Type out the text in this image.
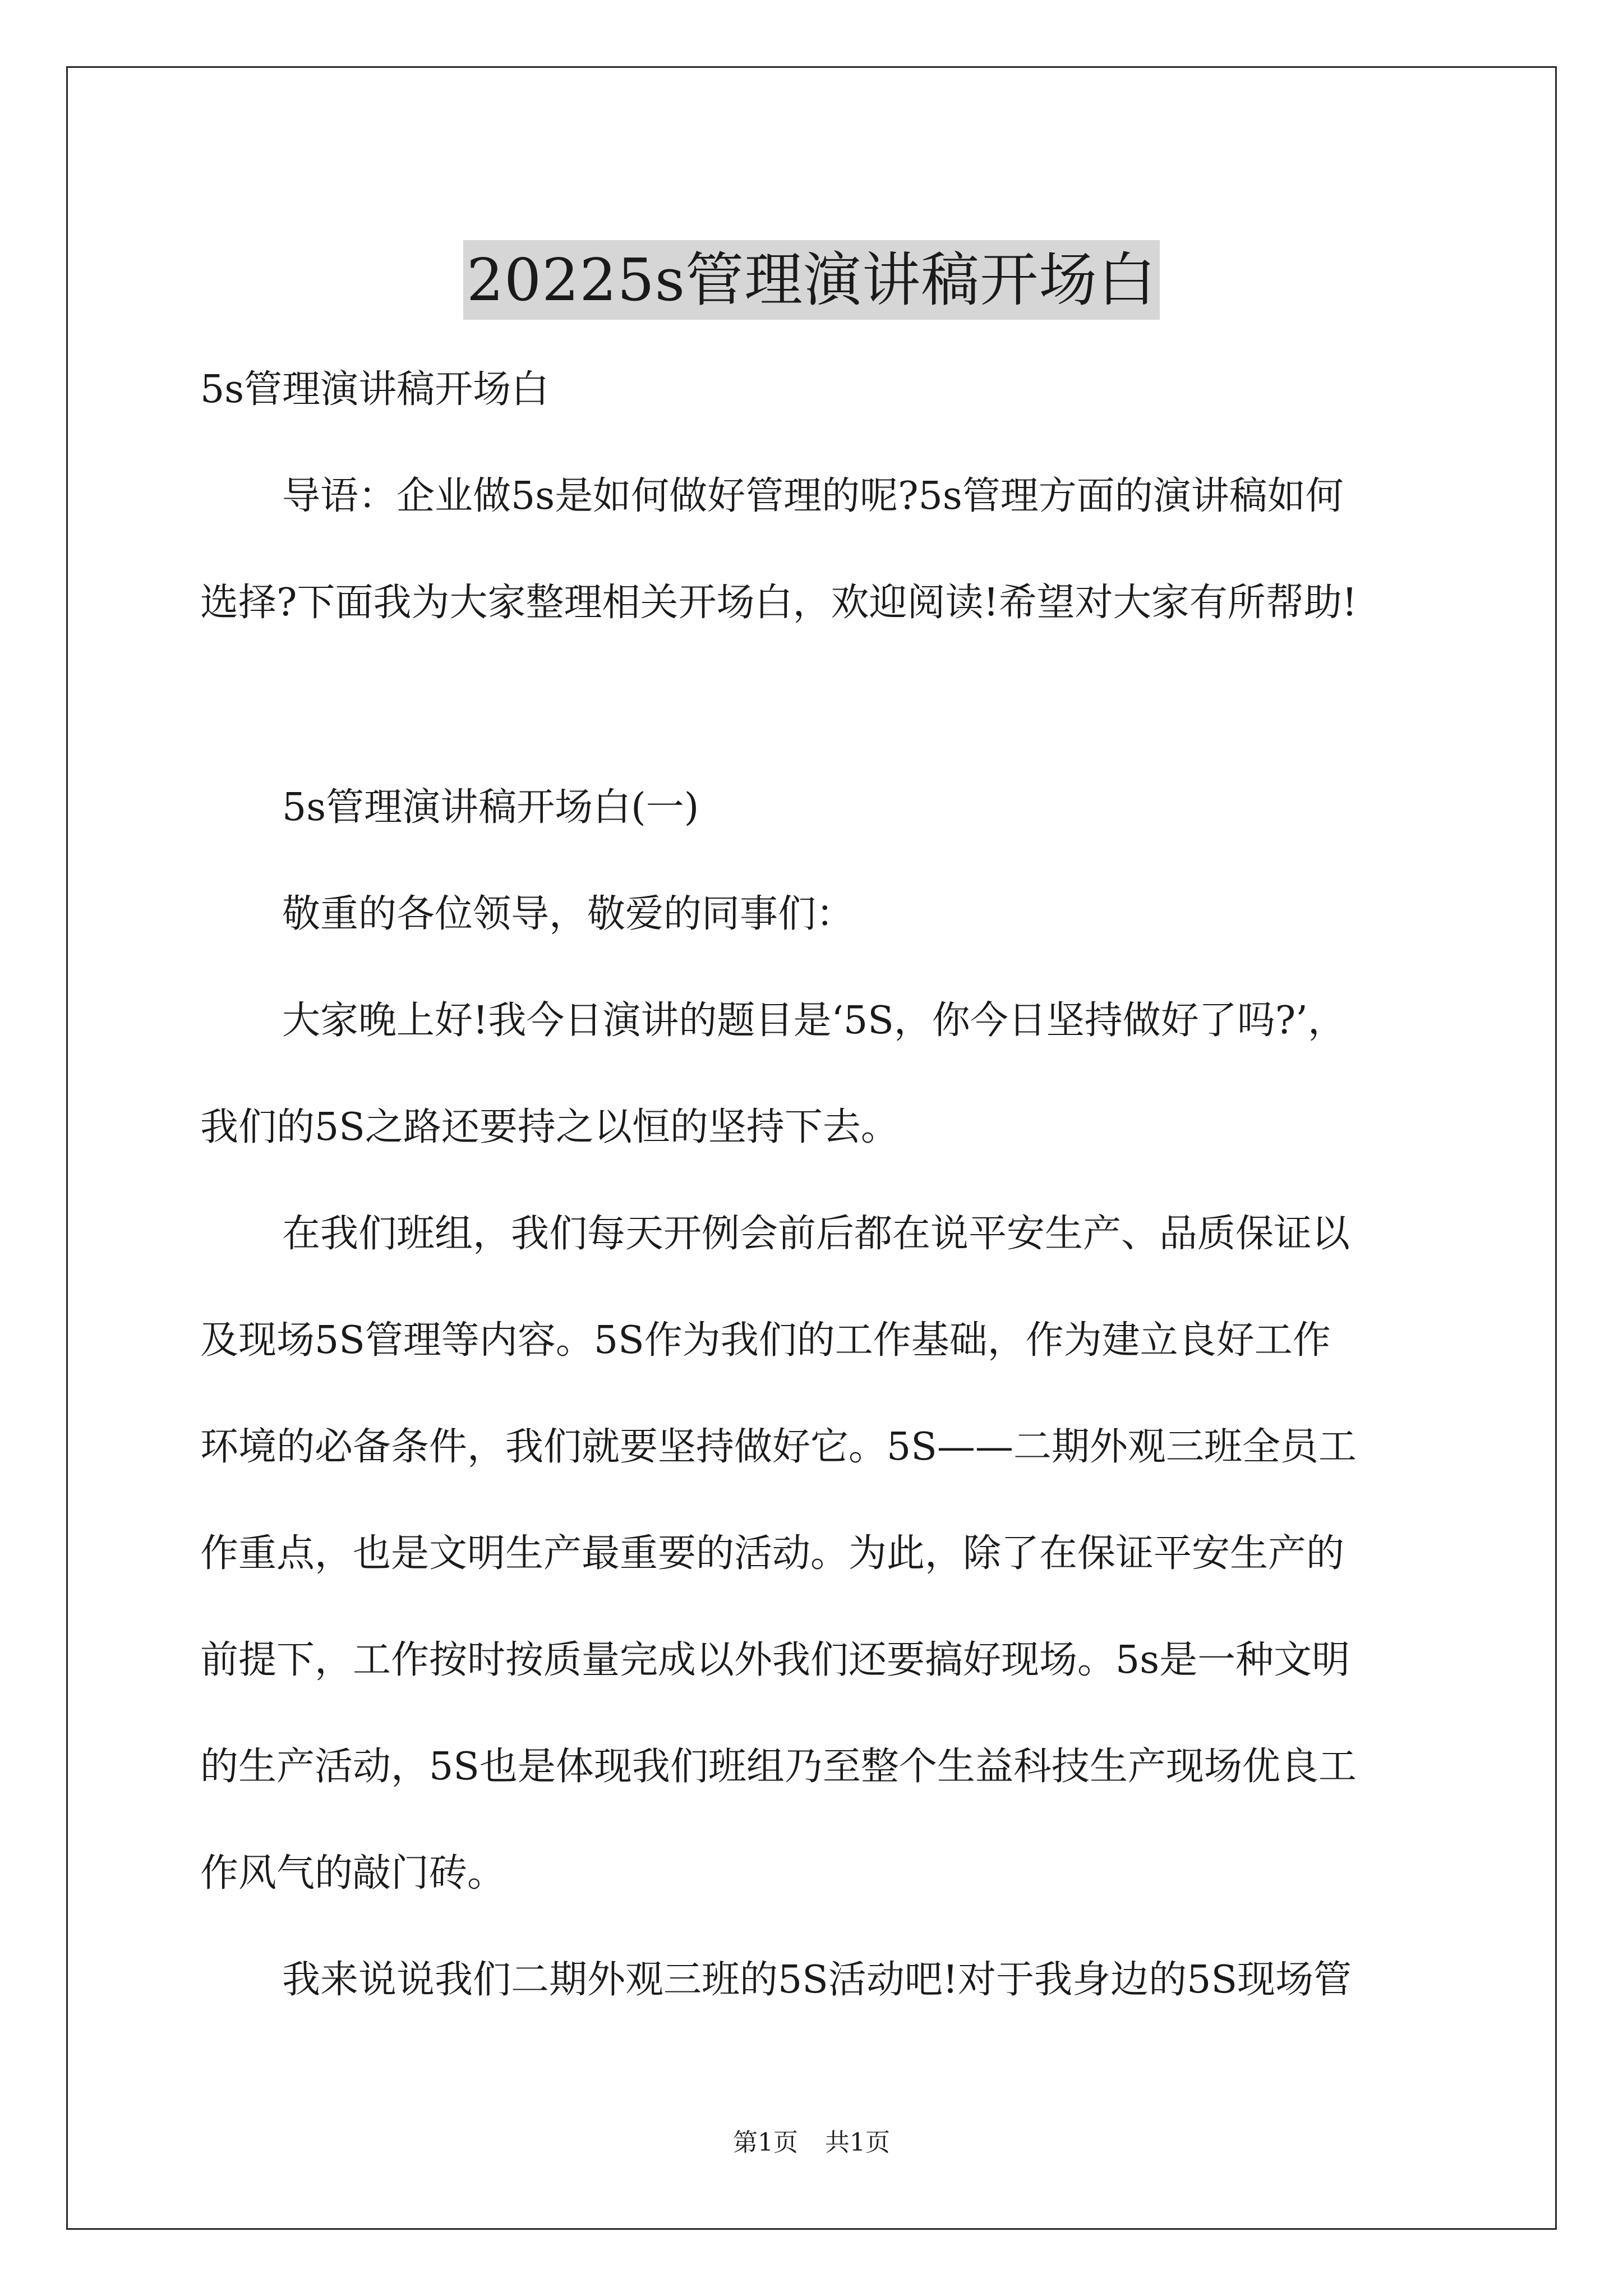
20225s管理演讲稿开场白

5s管理演讲稿开场白

导语：企业做5s是如何做好管理的呢?5s管理方面的演讲稿如何

选择?下面我为大家整理相关开场白，欢迎阅读!希望对大家有所帮助!

5s管理演讲稿开场白(一)

敬重的各位领导，敬爱的同事们：

大家晚上好!我今日演讲的题目是‘5S，你今日坚持做好了吗?’，

我们的5S之路还要持之以恒的坚持下去。

在我们班组，我们每天开例会前后都在说平安生产、品质保证以

及现场5S管理等内容。5S作为我们的工作基础，作为建立良好工作

环境的必备条件，我们就要坚持做好它。5S——二期外观三班全员工

作重点，也是文明生产最重要的活动。为此，除了在保证平安生产的

前提下，工作按时按质量完成以外我们还要搞好现场。5s是一种文明

的生产活动，5S也是体现我们班组乃至整个生益科技生产现场优良工

作风气的敲门砖。

我来说说我们二期外观三班的5S活动吧!对于我身边的5S现场管

第1页 共1页
